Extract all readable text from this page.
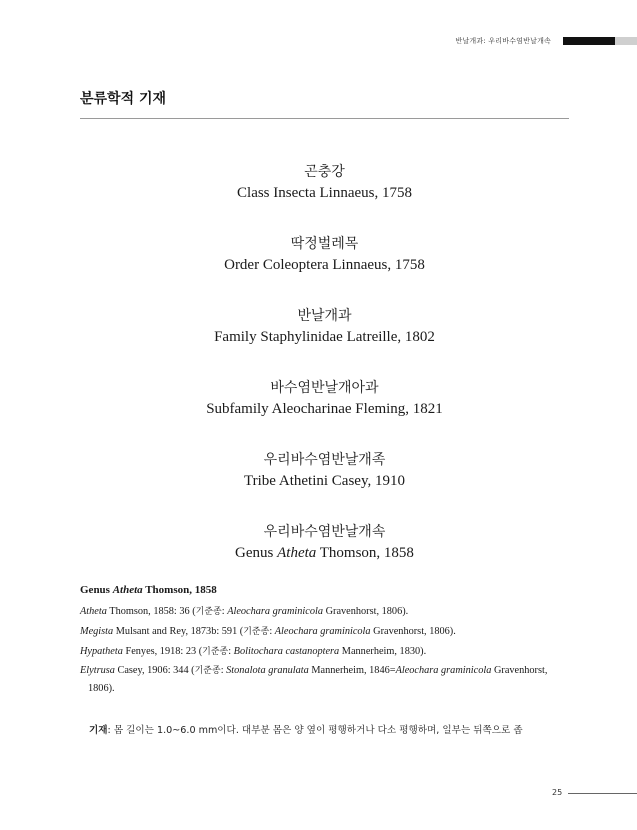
반날개과: 우리바수염반날개속
분류학적 기재
곤충강
Class Insecta Linnaeus, 1758
딱정벌레목
Order Coleoptera Linnaeus, 1758
반날개과
Family Staphylinidae Latreille, 1802
바수염반날개아과
Subfamily Aleocharinae Fleming, 1821
우리바수염반날개족
Tribe Athetini Casey, 1910
우리바수염반날개속
Genus Atheta Thomson, 1858
Genus Atheta Thomson, 1858
Atheta Thomson, 1858: 36 (기준종: Aleochara graminicola Gravenhorst, 1806).
Megista Mulsant and Rey, 1873b: 591 (기준종: Aleochara graminicola Gravenhorst, 1806).
Hypatheta Fenyes, 1918: 23 (기준종: Bolitochara castanoptera Mannerheim, 1830).
Elytrusa Casey, 1906: 344 (기준종: Stonalota granulata Mannerheim, 1846=Aleochara graminicola Gravenhorst, 1806).
기재: 몸 길이는 1.0~6.0 mm이다. 대부분 몸은 양 옆이 평행하거나 다소 평행하며, 일부는 뒤쪽으로 좁
25
